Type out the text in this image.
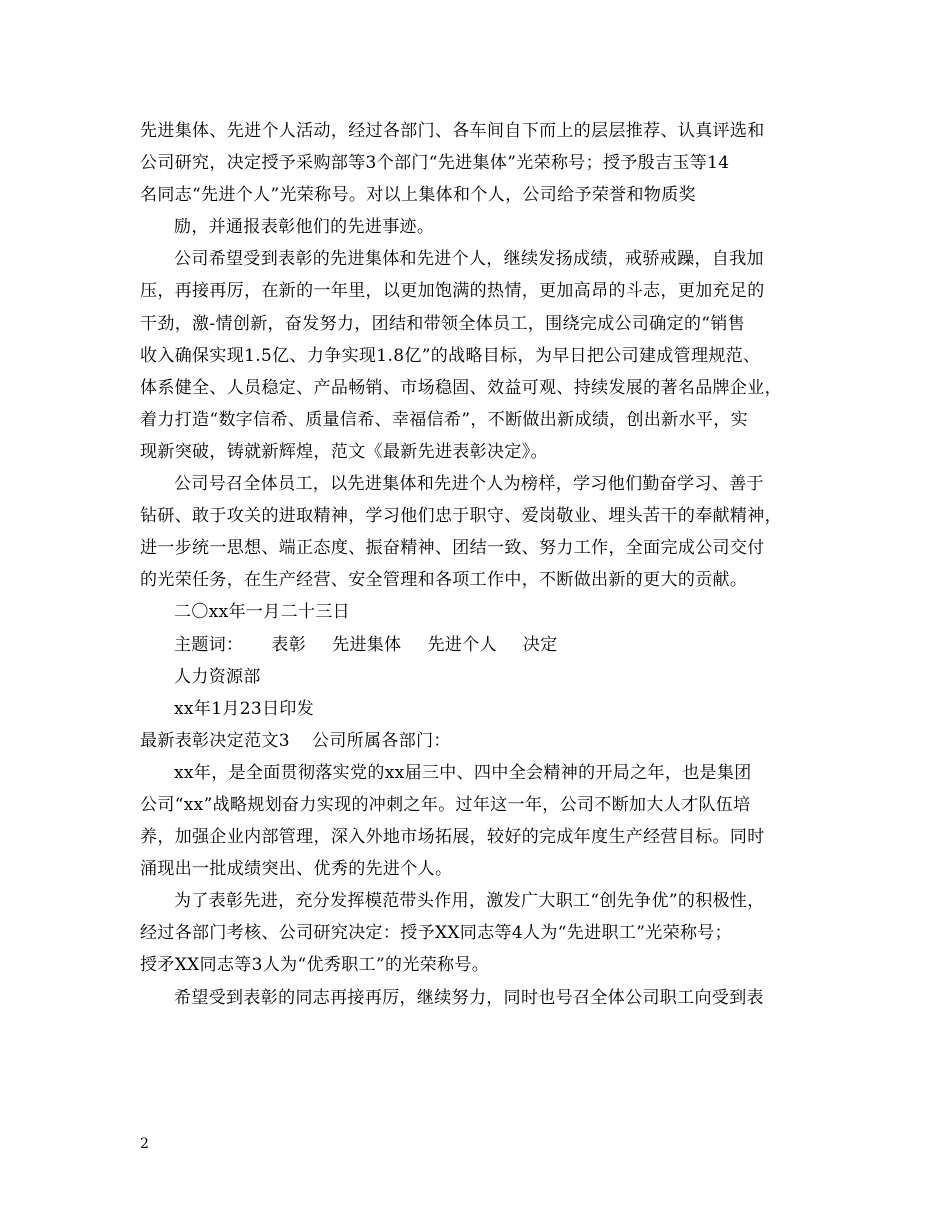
先进集体、先进个人活动，经过各部门、各车间自下而上的层层推荐、认真评选和
公司研究，决定授予采购部等3个部门“先进集体”光荣称号；授予殷吉玉等14
名同志“先进个人”光荣称号。对以上集体和个人，公司给予荣誉和物质奖
励，并通报表彰他们的先进事迹。
公司希望受到表彰的先进集体和先进个人，继续发扬成绩，戒骄戒躁，自我加
压，再接再厉，在新的一年里，以更加饱满的热情，更加高昂的斗志，更加充足的
干劲，激-情创新，奋发努力，团结和带领全体员工，围绕完成公司确定的“销售
收入确保实现1.5亿、力争实现1.8亿”的战略目标，为早日把公司建成管理规范、
体系健全、人员稳定、产品畅销、市场稳固、效益可观、持续发展的著名品牌企业，
着力打造“数字信希、质量信希、幸福信希”，不断做出新成绩，创出新水平，实
现新突破，铸就新辉煌，范文《最新先进表彰决定》。
公司号召全体员工，以先进集体和先进个人为榜样，学习他们勤奋学习、善于
钻研、敢于攻关的进取精神，学习他们忠于职守、爱岗敬业、埋头苦干的奉献精神，
进一步统一思想、端正态度、振奋精神、团结一致、努力工作，全面完成公司交付
的光荣任务，在生产经营、安全管理和各项工作中，不断做出新的更大的贡献。
二〇xx年一月二十三日
主题词： 表彰 先进集体 先进个人 决定
人力资源部
xx年1月23日印发
最新表彰决定范文3 公司所属各部门：
xx年，是全面贯彻落实党的xx届三中、四中全会精神的开局之年，也是集团
公司“xx”战略规划奋力实现的冲刺之年。过年这一年，公司不断加大人才队伍培
养，加强企业内部管理，深入外地市场拓展，较好的完成年度生产经营目标。同时
涌现出一批成绩突出、优秀的先进个人。
为了表彰先进，充分发挥模范带头作用，激发广大职工“创先争优”的积极性，
经过各部门考核、公司研究决定：授予XX同志等4人为“先进职工”光荣称号；
授矛XX同志等3人为“优秀职工”的光荣称号。
希望受到表彰的同志再接再厉，继续努力，同时也号召全体公司职工向受到表
2
